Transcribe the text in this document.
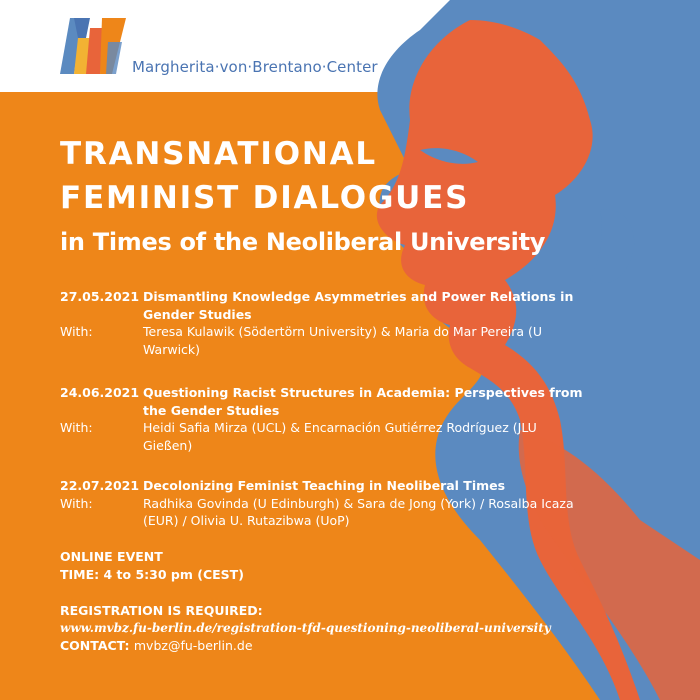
Margherita·von·Brentano·Center
TRANSNATIONAL
FEMINIST DIALOGUES
in Times of the Neoliberal University
27.05.2021 Dismantling Knowledge Asymmetries and Power Relations in Gender Studies
With:	Teresa Kulawik (Södertörn University) & Maria do Mar Pereira (U Warwick)
24.06.2021 Questioning Racist Structures in Academia: Perspectives from the Gender Studies
With:	Heidi Safia Mirza (UCL) & Encarnación Gutiérrez Rodríguez (JLU Gießen)
22.07.2021 Decolonizing Feminist Teaching in Neoliberal Times
With:	Radhika Govinda (U Edinburgh) & Sara de Jong (York) / Rosalba Icaza (EUR) / Olivia U. Rutazibwa (UoP)
ONLINE EVENT
TIME: 4 to 5:30 pm (CEST)
REGISTRATION IS REQUIRED:
www.mvbz.fu-berlin.de/registration-tfd-questioning-neoliberal-university
CONTACT: mvbz@fu-berlin.de
